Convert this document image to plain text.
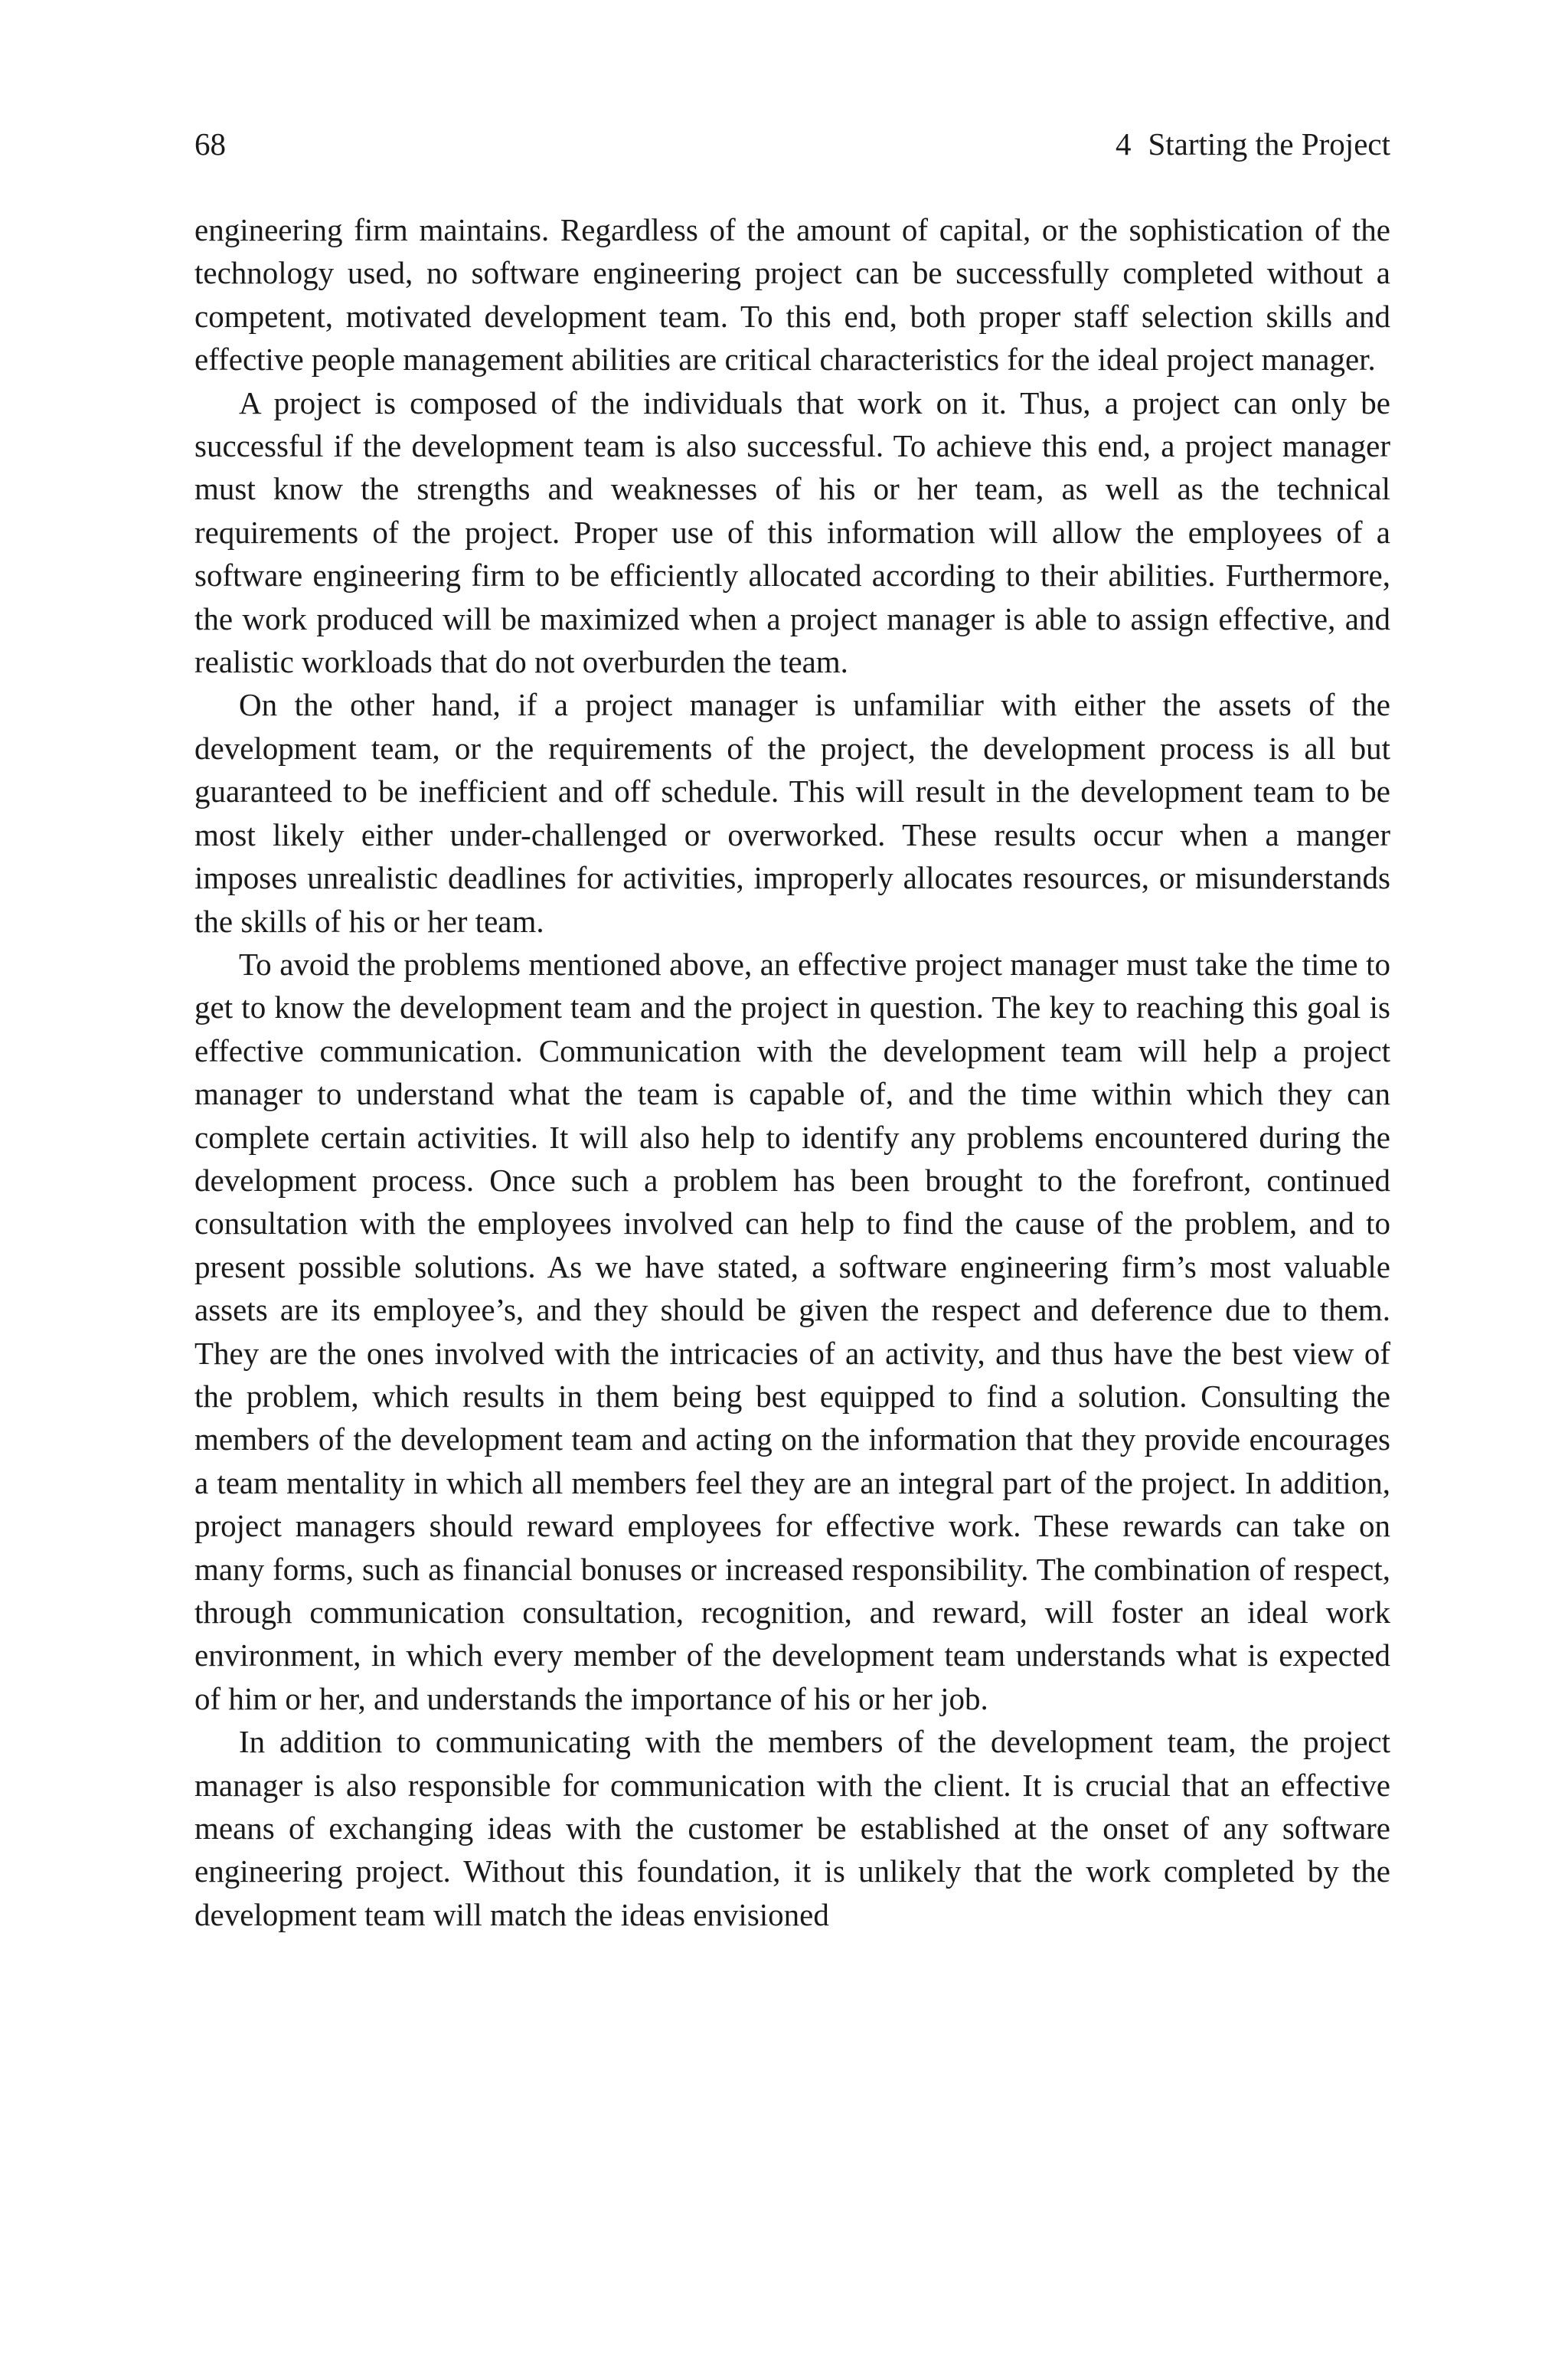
68	4 Starting the Project

engineering firm maintains. Regardless of the amount of capital, or the sophistication of the technology used, no software engineering project can be successfully completed without a competent, motivated development team. To this end, both proper staff selection skills and effective people management abilities are critical characteristics for the ideal project manager.

A project is composed of the individuals that work on it. Thus, a project can only be successful if the development team is also successful. To achieve this end, a project manager must know the strengths and weaknesses of his or her team, as well as the technical requirements of the project. Proper use of this information will allow the employees of a software engineering firm to be efficiently allocated according to their abilities. Furthermore, the work produced will be maximized when a project manager is able to assign effective, and realistic workloads that do not overburden the team.

On the other hand, if a project manager is unfamiliar with either the assets of the development team, or the requirements of the project, the development process is all but guaranteed to be inefficient and off schedule. This will result in the development team to be most likely either under-challenged or overworked. These results occur when a manger imposes unrealistic deadlines for activities, improperly allocates resources, or misunderstands the skills of his or her team.

To avoid the problems mentioned above, an effective project manager must take the time to get to know the development team and the project in question. The key to reaching this goal is effective communication. Communication with the development team will help a project manager to understand what the team is capable of, and the time within which they can complete certain activities. It will also help to identify any problems encountered during the development process. Once such a problem has been brought to the forefront, continued consultation with the employees involved can help to find the cause of the problem, and to present possible solutions. As we have stated, a software engineering firm’s most valuable assets are its employee’s, and they should be given the respect and deference due to them. They are the ones involved with the intricacies of an activity, and thus have the best view of the problem, which results in them being best equipped to find a solution. Consulting the members of the development team and acting on the information that they provide encourages a team mentality in which all members feel they are an integral part of the project. In addition, project managers should reward employees for effective work. These rewards can take on many forms, such as financial bonuses or increased responsibility. The combination of respect, through communication consultation, recognition, and reward, will foster an ideal work environment, in which every member of the development team understands what is expected of him or her, and understands the importance of his or her job.

In addition to communicating with the members of the development team, the project manager is also responsible for communication with the client. It is crucial that an effective means of exchanging ideas with the customer be established at the onset of any software engineering project. Without this foundation, it is unlikely that the work completed by the development team will match the ideas envisioned
